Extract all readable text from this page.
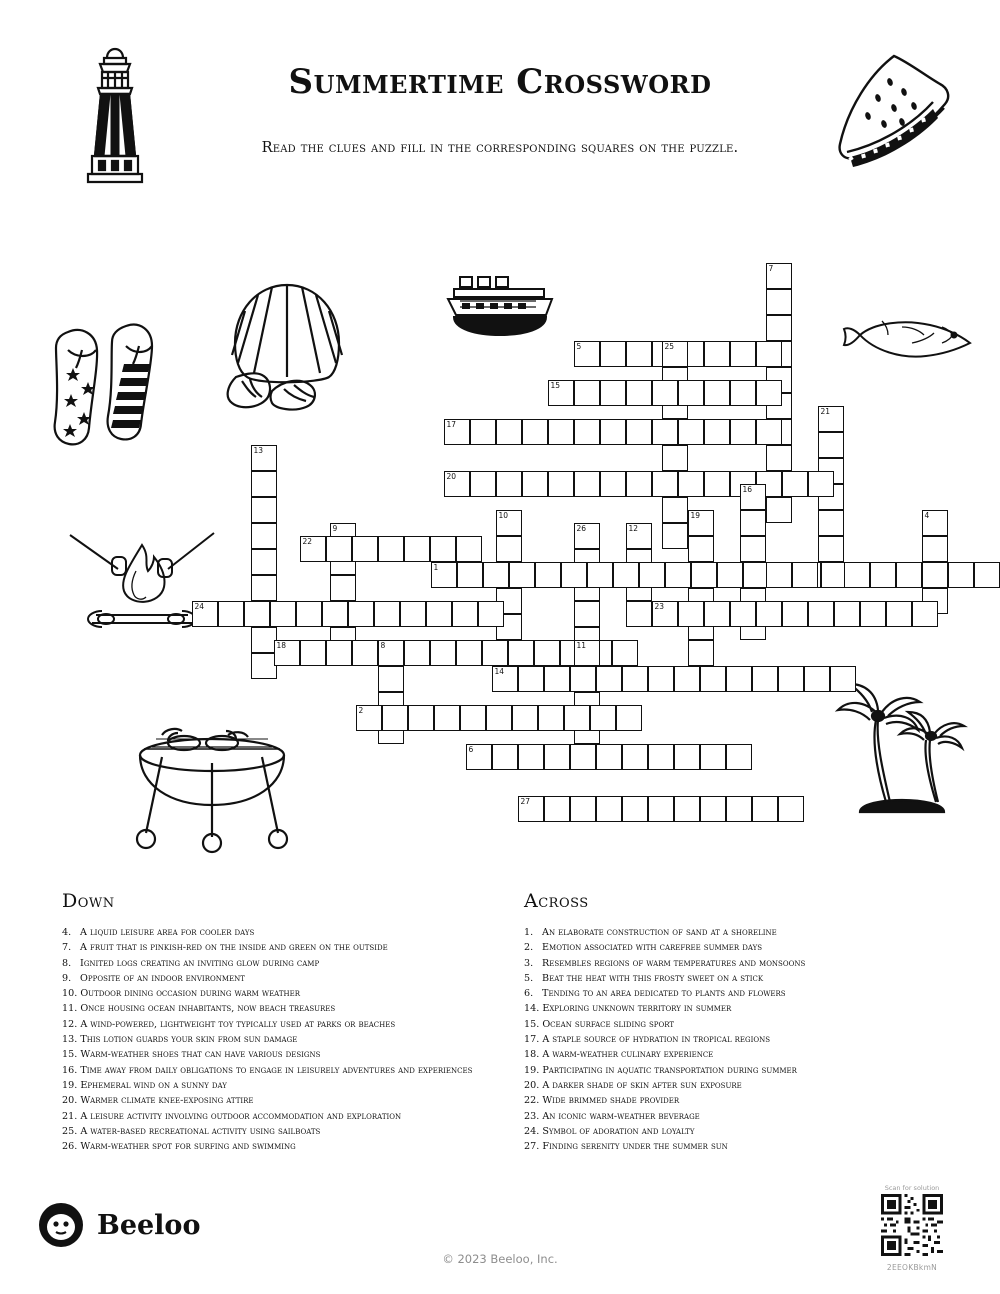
Summertime Crossword
Read the clues and fill in the corresponding squares on the puzzle.
7
5	25
15
21
17
13
20
16
10	19	4
26	12
9
22
1
24	23
18	8	11
14
2
6
27
Down
4. A liquid leisure area for cooler days
7. A fruit that is pinkish-red on the inside and green on the outside
8. Ignited logs creating an inviting glow during camp
9. Opposite of an indoor environment
10. Outdoor dining occasion during warm weather
11. Once housing ocean inhabitants, now beach treasures
12. A wind-powered, lightweight toy typically used at parks or beaches
13. This lotion guards your skin from sun damage
15. Warm-weather shoes that can have various designs
16. Time away from daily obligations to engage in leisurely adventures and experiences
19. Ephemeral wind on a sunny day
20. Warmer climate knee-exposing attire
21. A leisure activity involving outdoor accommodation and exploration
25. A water-based recreational activity using sailboats
26. Warm-weather spot for surfing and swimming
Across
1. An elaborate construction of sand at a shoreline
2. Emotion associated with carefree summer days
3. Resembles regions of warm temperatures and monsoons
5. Beat the heat with this frosty sweet on a stick
6. Tending to an area dedicated to plants and flowers
14. Exploring unknown territory in summer
15. Ocean surface sliding sport
17. A staple source of hydration in tropical regions
18. A warm-weather culinary experience
19. Participating in aquatic transportation during summer
20. A darker shade of skin after sun exposure
22. Wide brimmed shade provider
23. An iconic warm-weather beverage
24. Symbol of adoration and loyalty
27. Finding serenity under the summer sun
Beeloo
© 2023 Beeloo, Inc.
Scan for solution
2EEOKBkmN
